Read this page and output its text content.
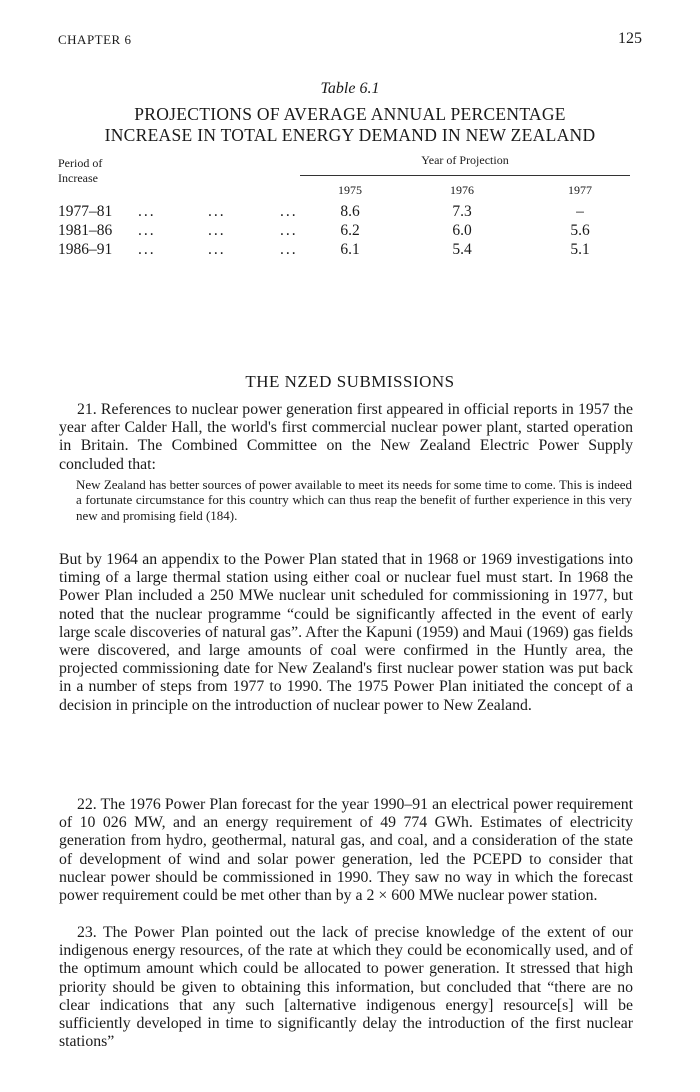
CHAPTER 6	125
Table 6.1
PROJECTIONS OF AVERAGE ANNUAL PERCENTAGE
INCREASE IN TOTAL ENERGY DEMAND IN NEW ZEALAND
Period of
Increase
Year of Projection
1975	1976	1977
1977–81	...	...	...	8.6	7.3	–
1981–86	...	...	...	6.2	6.0	5.6
1986–91	...	...	...	6.1	5.4	5.1
THE NZED SUBMISSIONS

21. References to nuclear power generation first appeared in official reports in 1957 the year after Calder Hall, the world's first commercial nuclear power plant, started operation in Britain. The Combined Committee on the New Zealand Electric Power Supply concluded that:

New Zealand has better sources of power available to meet its needs for some time to come. This is indeed a fortunate circumstance for this country which can thus reap the benefit of further experience in this very new and promising field (184).

But by 1964 an appendix to the Power Plan stated that in 1968 or 1969 investigations into timing of a large thermal station using either coal or nuclear fuel must start. In 1968 the Power Plan included a 250 MWe nuclear unit scheduled for commissioning in 1977, but noted that the nuclear programme “could be significantly affected in the event of early large scale discoveries of natural gas”. After the Kapuni (1959) and Maui (1969) gas fields were discovered, and large amounts of coal were confirmed in the Huntly area, the projected commissioning date for New Zealand's first nuclear power station was put back in a number of steps from 1977 to 1990. The 1975 Power Plan initiated the concept of a decision in principle on the introduction of nuclear power to New Zealand.

22. The 1976 Power Plan forecast for the year 1990–91 an electrical power requirement of 10 026 MW, and an energy requirement of 49 774 GWh. Estimates of electricity generation from hydro, geothermal, natural gas, and coal, and a consideration of the state of development of wind and solar power generation, led the PCEPD to consider that nuclear power should be commissioned in 1990. They saw no way in which the forecast power requirement could be met other than by a 2 × 600 MWe nuclear power station.

23. The Power Plan pointed out the lack of precise knowledge of the extent of our indigenous energy resources, of the rate at which they could be economically used, and of the optimum amount which could be allocated to power generation. It stressed that high priority should be given to obtaining this information, but concluded that “there are no clear indications that any such [alternative indigenous energy] resource[s] will be sufficiently developed in time to significantly delay the introduction of the first nuclear stations”
